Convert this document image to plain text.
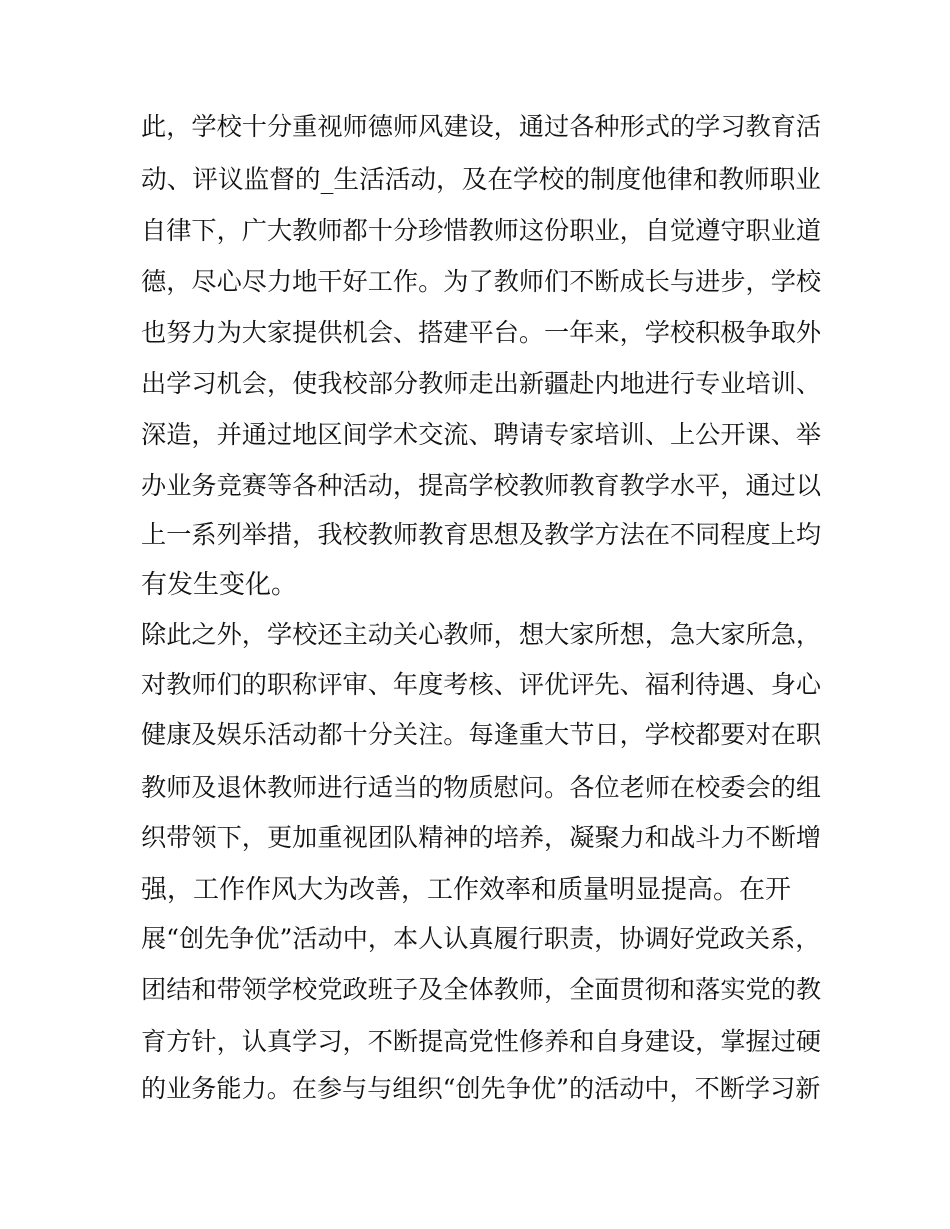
此，学校十分重视师德师风建设，通过各种形式的学习教育活
动、评议监督的_生活活动，及在学校的制度他律和教师职业
自律下，广大教师都十分珍惜教师这份职业，自觉遵守职业道
德，尽心尽力地干好工作。为了教师们不断成长与进步，学校
也努力为大家提供机会、搭建平台。一年来，学校积极争取外
出学习机会，使我校部分教师走出新疆赴内地进行专业培训、
深造，并通过地区间学术交流、聘请专家培训、上公开课、举
办业务竞赛等各种活动，提高学校教师教育教学水平，通过以
上一系列举措，我校教师教育思想及教学方法在不同程度上均
有发生变化。
除此之外，学校还主动关心教师，想大家所想，急大家所急，
对教师们的职称评审、年度考核、评优评先、福利待遇、身心
健康及娱乐活动都十分关注。每逢重大节日，学校都要对在职
教师及退休教师进行适当的物质慰问。各位老师在校委会的组
织带领下，更加重视团队精神的培养，凝聚力和战斗力不断增
强，工作作风大为改善，工作效率和质量明显提高。在开
展“创先争优”活动中，本人认真履行职责，协调好党政关系，
团结和带领学校党政班子及全体教师，全面贯彻和落实党的教
育方针，认真学习，不断提高党性修养和自身建设，掌握过硬
的业务能力。在参与与组织“创先争优”的活动中，不断学习新
